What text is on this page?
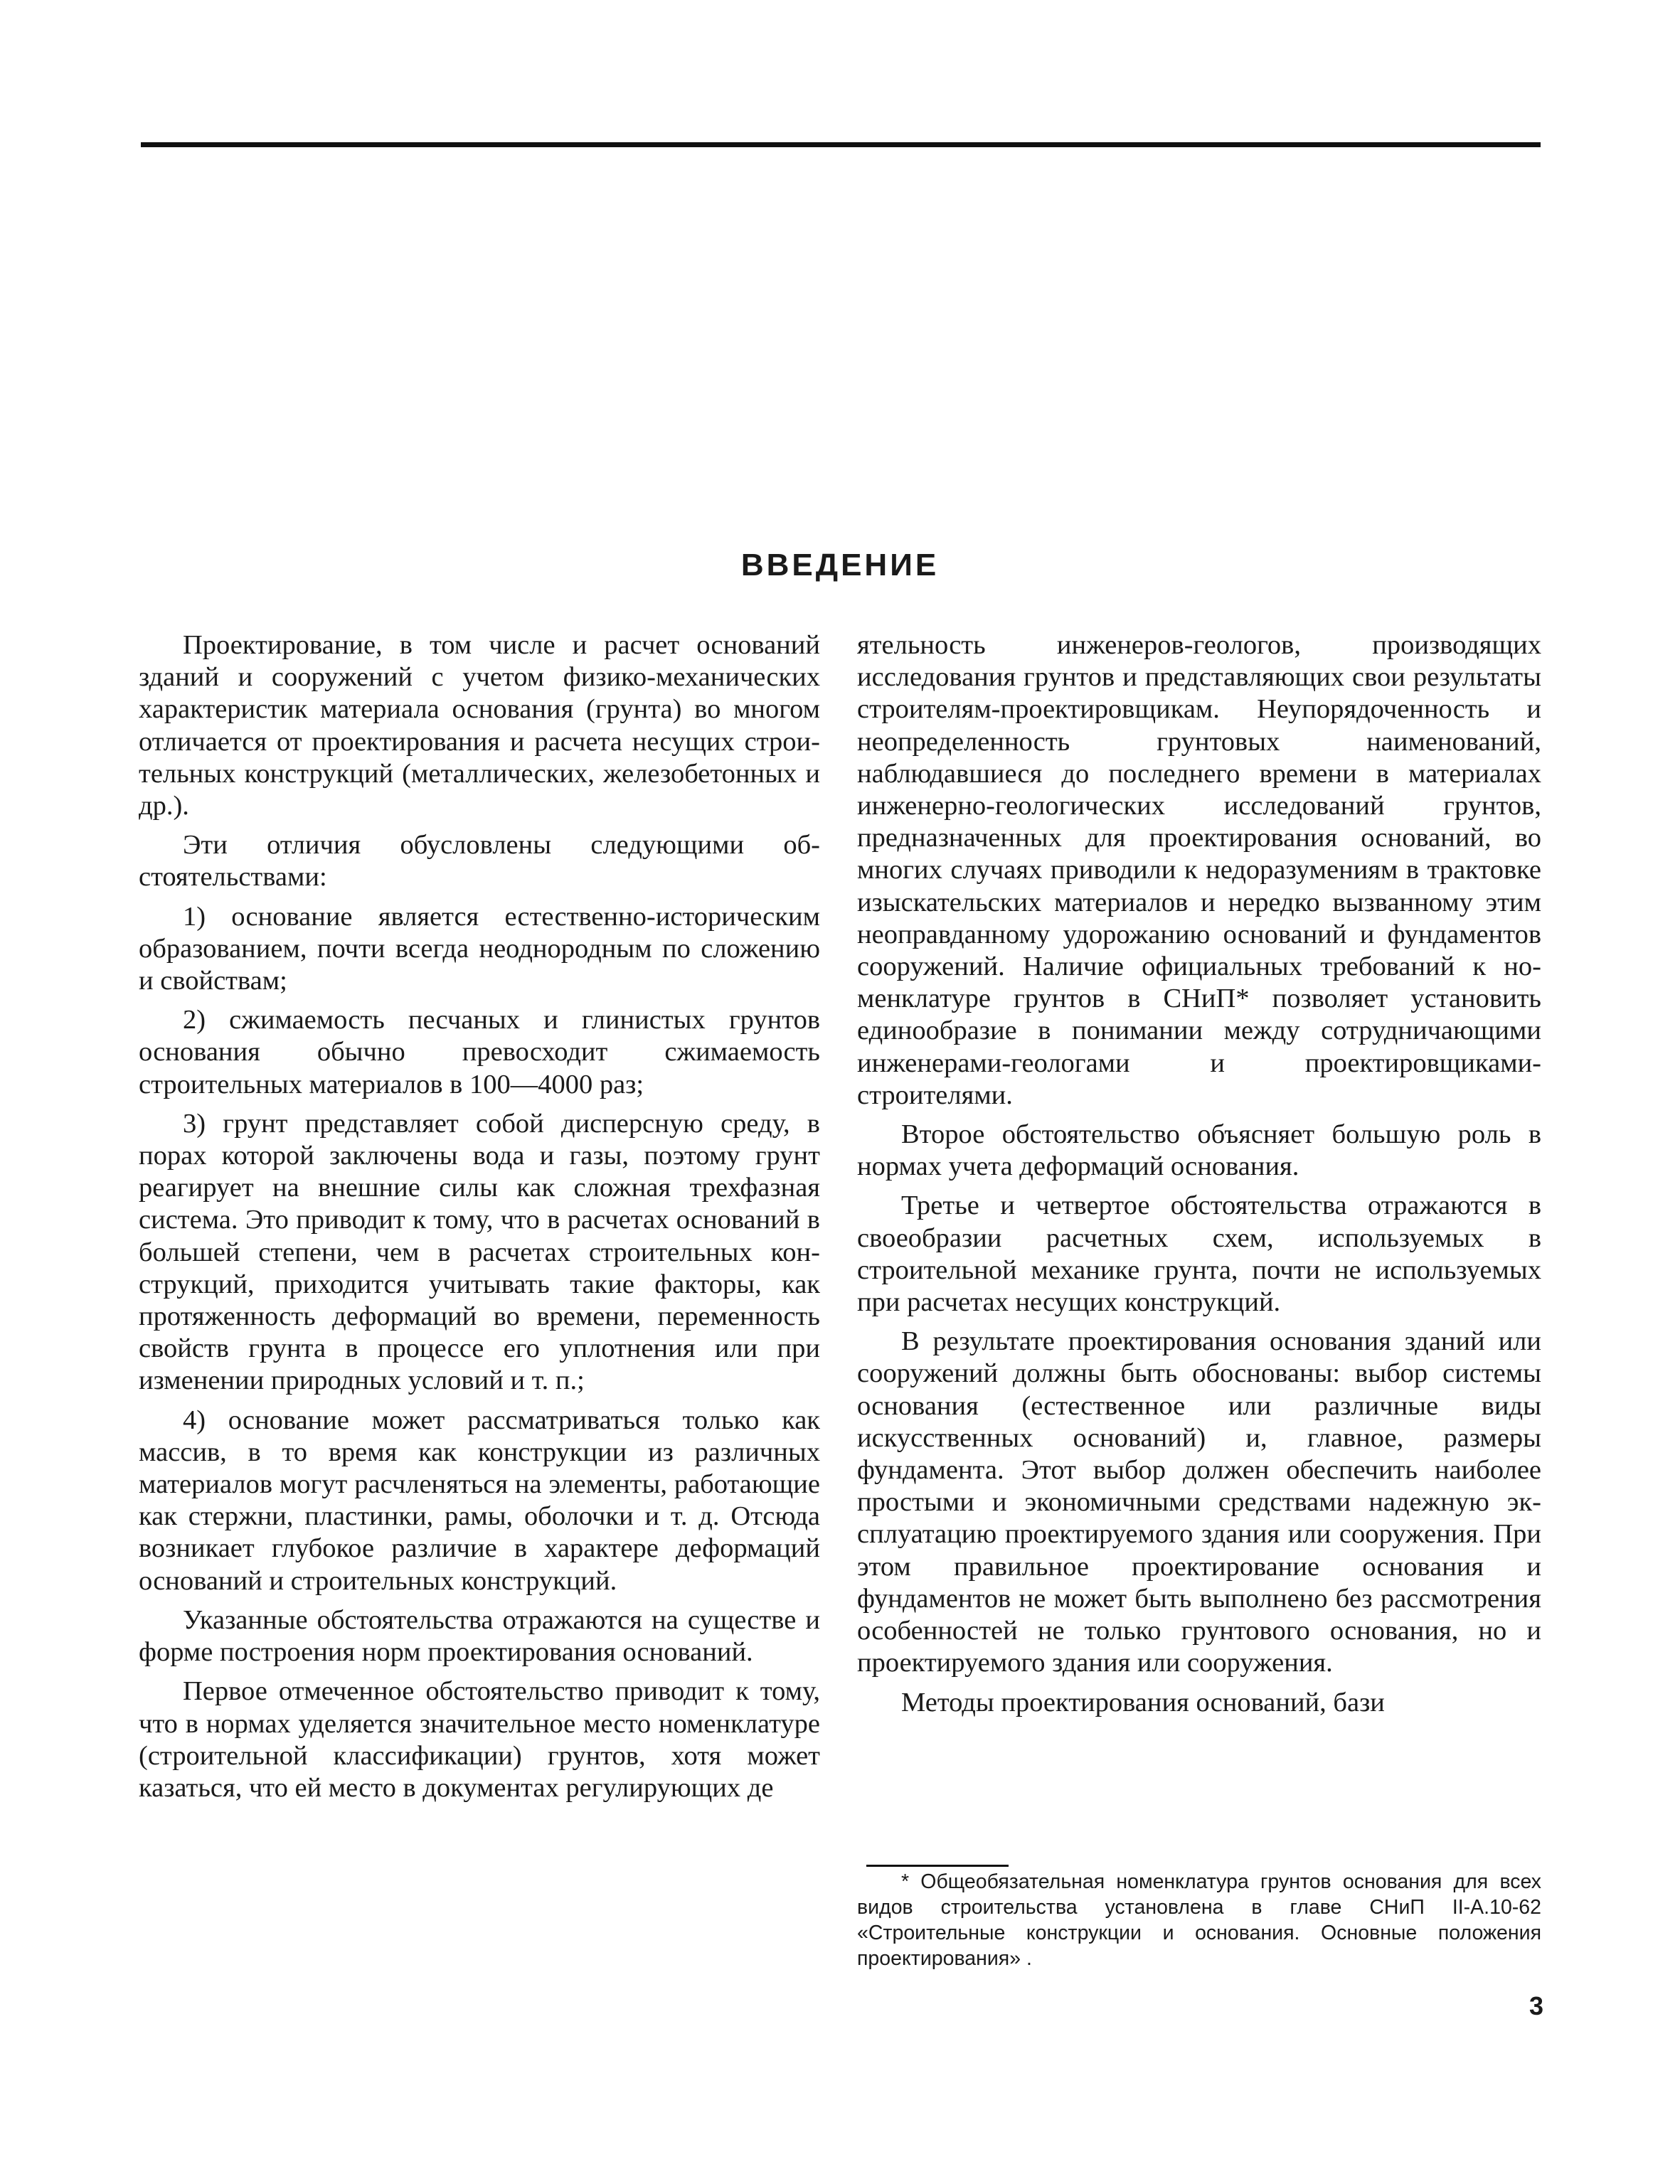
ВВЕДЕНИЕ

Проектирование, в том числе и расчет оснований зданий и сооружений с учетом физико-механических характеристик материала основания (грунта) во многом отличается от проектирования и расчета несущих строительных конструкций (металлических, железобетонных и др.).

Эти отличия обусловлены следующими обстоятельствами:

1) основание является естественно-историческим образованием, почти всегда неоднородным по сложению и свойствам;

2) сжимаемость песчаных и глинистых грунтов основания обычно превосходит сжимаемость строительных материалов в 100—4000 раз;

3) грунт представляет собой дисперсную среду, в порах которой заключены вода и газы, поэтому грунт реагирует на внешние силы как сложная трехфазная система. Это приводит к тому, что в расчетах оснований в большей степени, чем в расчетах строительных конструкций, приходится учитывать такие факторы, как протяженность деформаций во времени, переменность свойств грунта в процессе его уплотнения или при изменении природных условий и т. п.;

4) основание может рассматриваться только как массив, в то время как конструкции из различных материалов могут расчленяться на элементы, работающие как стержни, пластинки, рамы, оболочки и т. д. Отсюда возникает глубокое различие в характере деформаций оснований и строительных конструкций.

Указанные обстоятельства отражаются на существе и форме построения норм проектирования оснований.

Первое отмеченное обстоятельство приводит к тому, что в нормах уделяется значительное место номенклатуре (строительной классификации) грунтов, хотя может казаться, что ей место в документах регулирующих де

ятельность инженеров-геологов, производящих исследования грунтов и представляющих свои результаты строителям-проектировщикам. Неупорядоченность и неопределенность грунтовых наименований, наблюдавшиеся до последнего времени в материалах инженерно-геологических исследований грунтов, предназначенных для проектирования оснований, во многих случаях приводили к недоразумениям в трактовке изыскательских материалов и нередко вызванному этим неоправданному удорожанию оснований и фундаментов сооружений. Наличие официальных требований к номенклатуре грунтов в СНиП* позволяет установить единообразие в понимании между сотрудничающими инженерами-геологами и проектировщиками-строителями.

Второе обстоятельство объясняет большую роль в нормах учета деформаций основания.

Третье и четвертое обстоятельства отражаются в своеобразии расчетных схем, используемых в строительной механике грунта, почти не используемых при расчетах несущих конструкций.

В результате проектирования основания зданий или сооружений должны быть обоснованы: выбор системы основания (естественное или различные виды искусственных оснований) и, главное, размеры фундамента. Этот выбор должен обеспечить наиболее простыми и экономичными средствами надежную эксплуатацию проектируемого здания или сооружения. При этом правильное проектирование основания и фундаментов не может быть выполнено без рассмотрения особенностей не только грунтового основания, но и проектируемого здания или сооружения.

Методы проектирования оснований, бази

* Общеобязательная номенклатура грунтов основания для всех видов строительства установлена в главе СНиП II-А.10-62 «Строительные конструкции и основания. Основные положения проектирования» .

3
